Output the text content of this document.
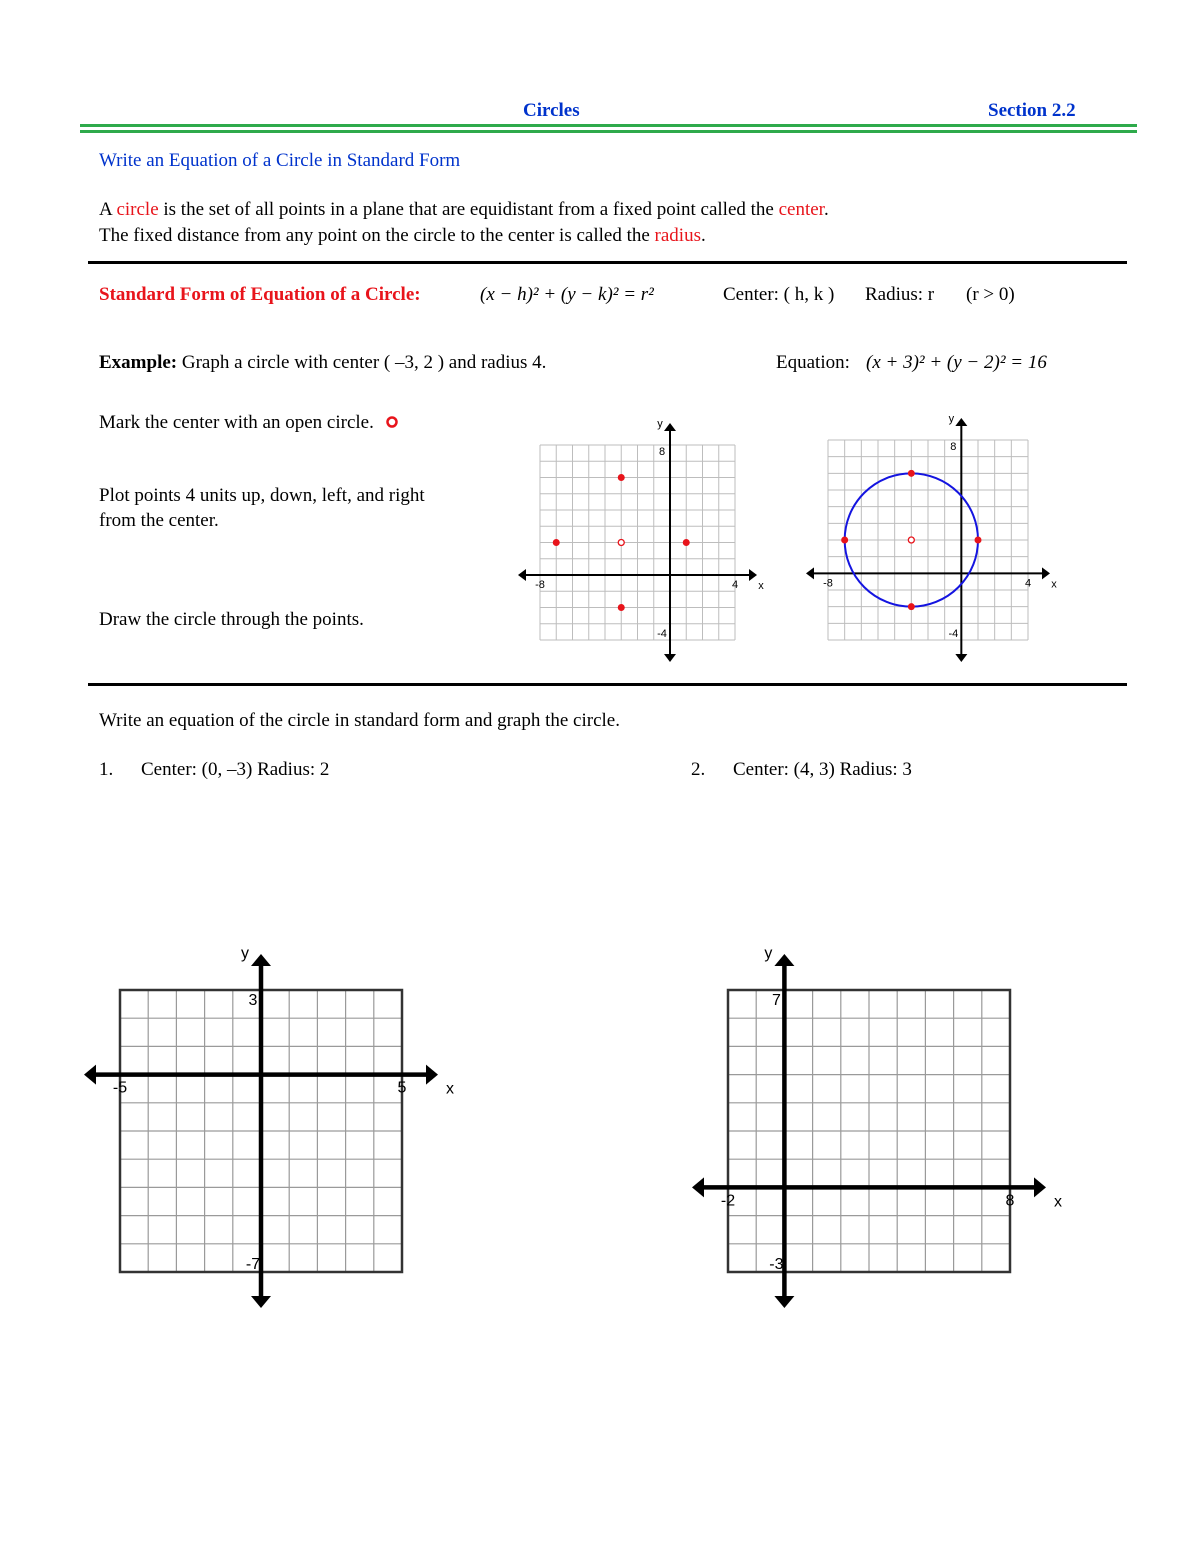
Circles	Section 2.2
Write an Equation of a Circle in Standard Form
A circle is the set of all points in a plane that are equidistant from a fixed point called the center.
The fixed distance from any point on the circle to the center is called the radius.
Standard Form of Equation of a Circle:	(x − h)² + (y − k)² = r²	Center: ( h, k ) Radius: r (r > 0)
Example: Graph a circle with center ( –3, 2 ) and radius 4.	Equation: (x + 3)² + (y − 2)² = 16
Mark the center with an open circle.
Plot points 4 units up, down, left, and right
from the center.
Draw the circle through the points.
-8	4
8
-4
x
y
-8	4
8
-4
x
y
Write an equation of the circle in standard form and graph the circle.
1. Center: (0, –3) Radius: 2	2. Center: (4, 3) Radius: 3
-5	5
3
-7
x
y
-2	8
7
-3
x
y
